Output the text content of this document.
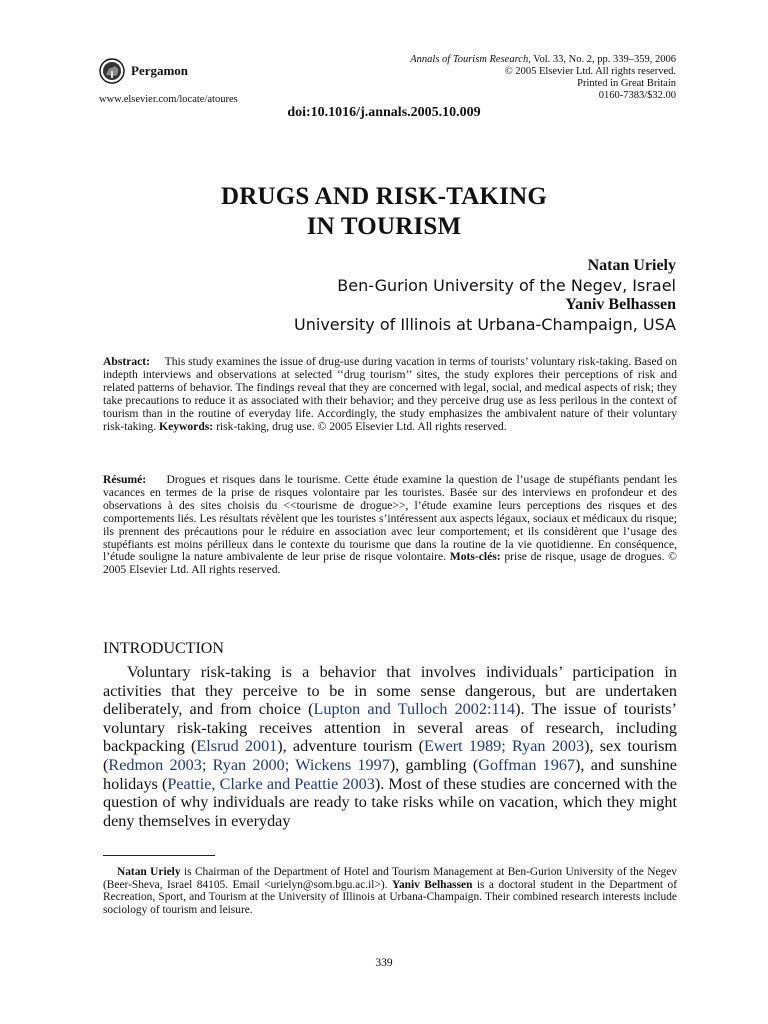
Pergamon
www.elsevier.com/locate/atoures
Annals of Tourism Research, Vol. 33, No. 2, pp. 339–359, 2006
© 2005 Elsevier Ltd. All rights reserved.
Printed in Great Britain
0160-7383/$32.00
doi:10.1016/j.annals.2005.10.009
DRUGS AND RISK-TAKING
IN TOURISM
Natan Uriely
Ben-Gurion University of the Negev, Israel
Yaniv Belhassen
University of Illinois at Urbana-Champaign, USA
Abstract: This study examines the issue of drug-use during vacation in terms of tourists’ voluntary risk-taking. Based on indepth interviews and observations at selected ‘‘drug tourism’’ sites, the study explores their perceptions of risk and related patterns of behavior. The findings reveal that they are concerned with legal, social, and medical aspects of risk; they take precautions to reduce it as associated with their behavior; and they perceive drug use as less perilous in the context of tourism than in the routine of everyday life. Accordingly, the study emphasizes the ambivalent nature of their voluntary risk-taking. Keywords: risk-taking, drug use. © 2005 Elsevier Ltd. All rights reserved.
Résumé: Drogues et risques dans le tourisme. Cette étude examine la question de l’usage de stupéfiants pendant les vacances en termes de la prise de risques volontaire par les touristes. Basée sur des interviews en profondeur et des observations à des sites choisis du <<tourisme de drogue>>, l’étude examine leurs perceptions des risques et des comportements liés. Les résultats révèlent que les touristes s’intéressent aux aspects légaux, sociaux et médicaux du risque; ils prennent des précautions pour le réduire en association avec leur comportement; et ils considèrent que l’usage des stupéfiants est moins périlleux dans le contexte du tourisme que dans la routine de la vie quotidienne. En conséquence, l’étude souligne la nature ambivalente de leur prise de risque volontaire. Mots-clés: prise de risque, usage de drogues. © 2005 Elsevier Ltd. All rights reserved.
INTRODUCTION
Voluntary risk-taking is a behavior that involves individuals’ participation in activities that they perceive to be in some sense dangerous, but are undertaken deliberately, and from choice (Lupton and Tulloch 2002:114). The issue of tourists’ voluntary risk-taking receives attention in several areas of research, including backpacking (Elsrud 2001), adventure tourism (Ewert 1989; Ryan 2003), sex tourism (Redmon 2003; Ryan 2000; Wickens 1997), gambling (Goffman 1967), and sunshine holidays (Peattie, Clarke and Peattie 2003). Most of these studies are concerned with the question of why individuals are ready to take risks while on vacation, which they might deny themselves in everyday
Natan Uriely is Chairman of the Department of Hotel and Tourism Management at Ben-Gurion University of the Negev (Beer-Sheva, Israel 84105. Email <urielyn@som.bgu.ac.il>). Yaniv Belhassen is a doctoral student in the Department of Recreation, Sport, and Tourism at the University of Illinois at Urbana-Champaign. Their combined research interests include sociology of tourism and leisure.
339
